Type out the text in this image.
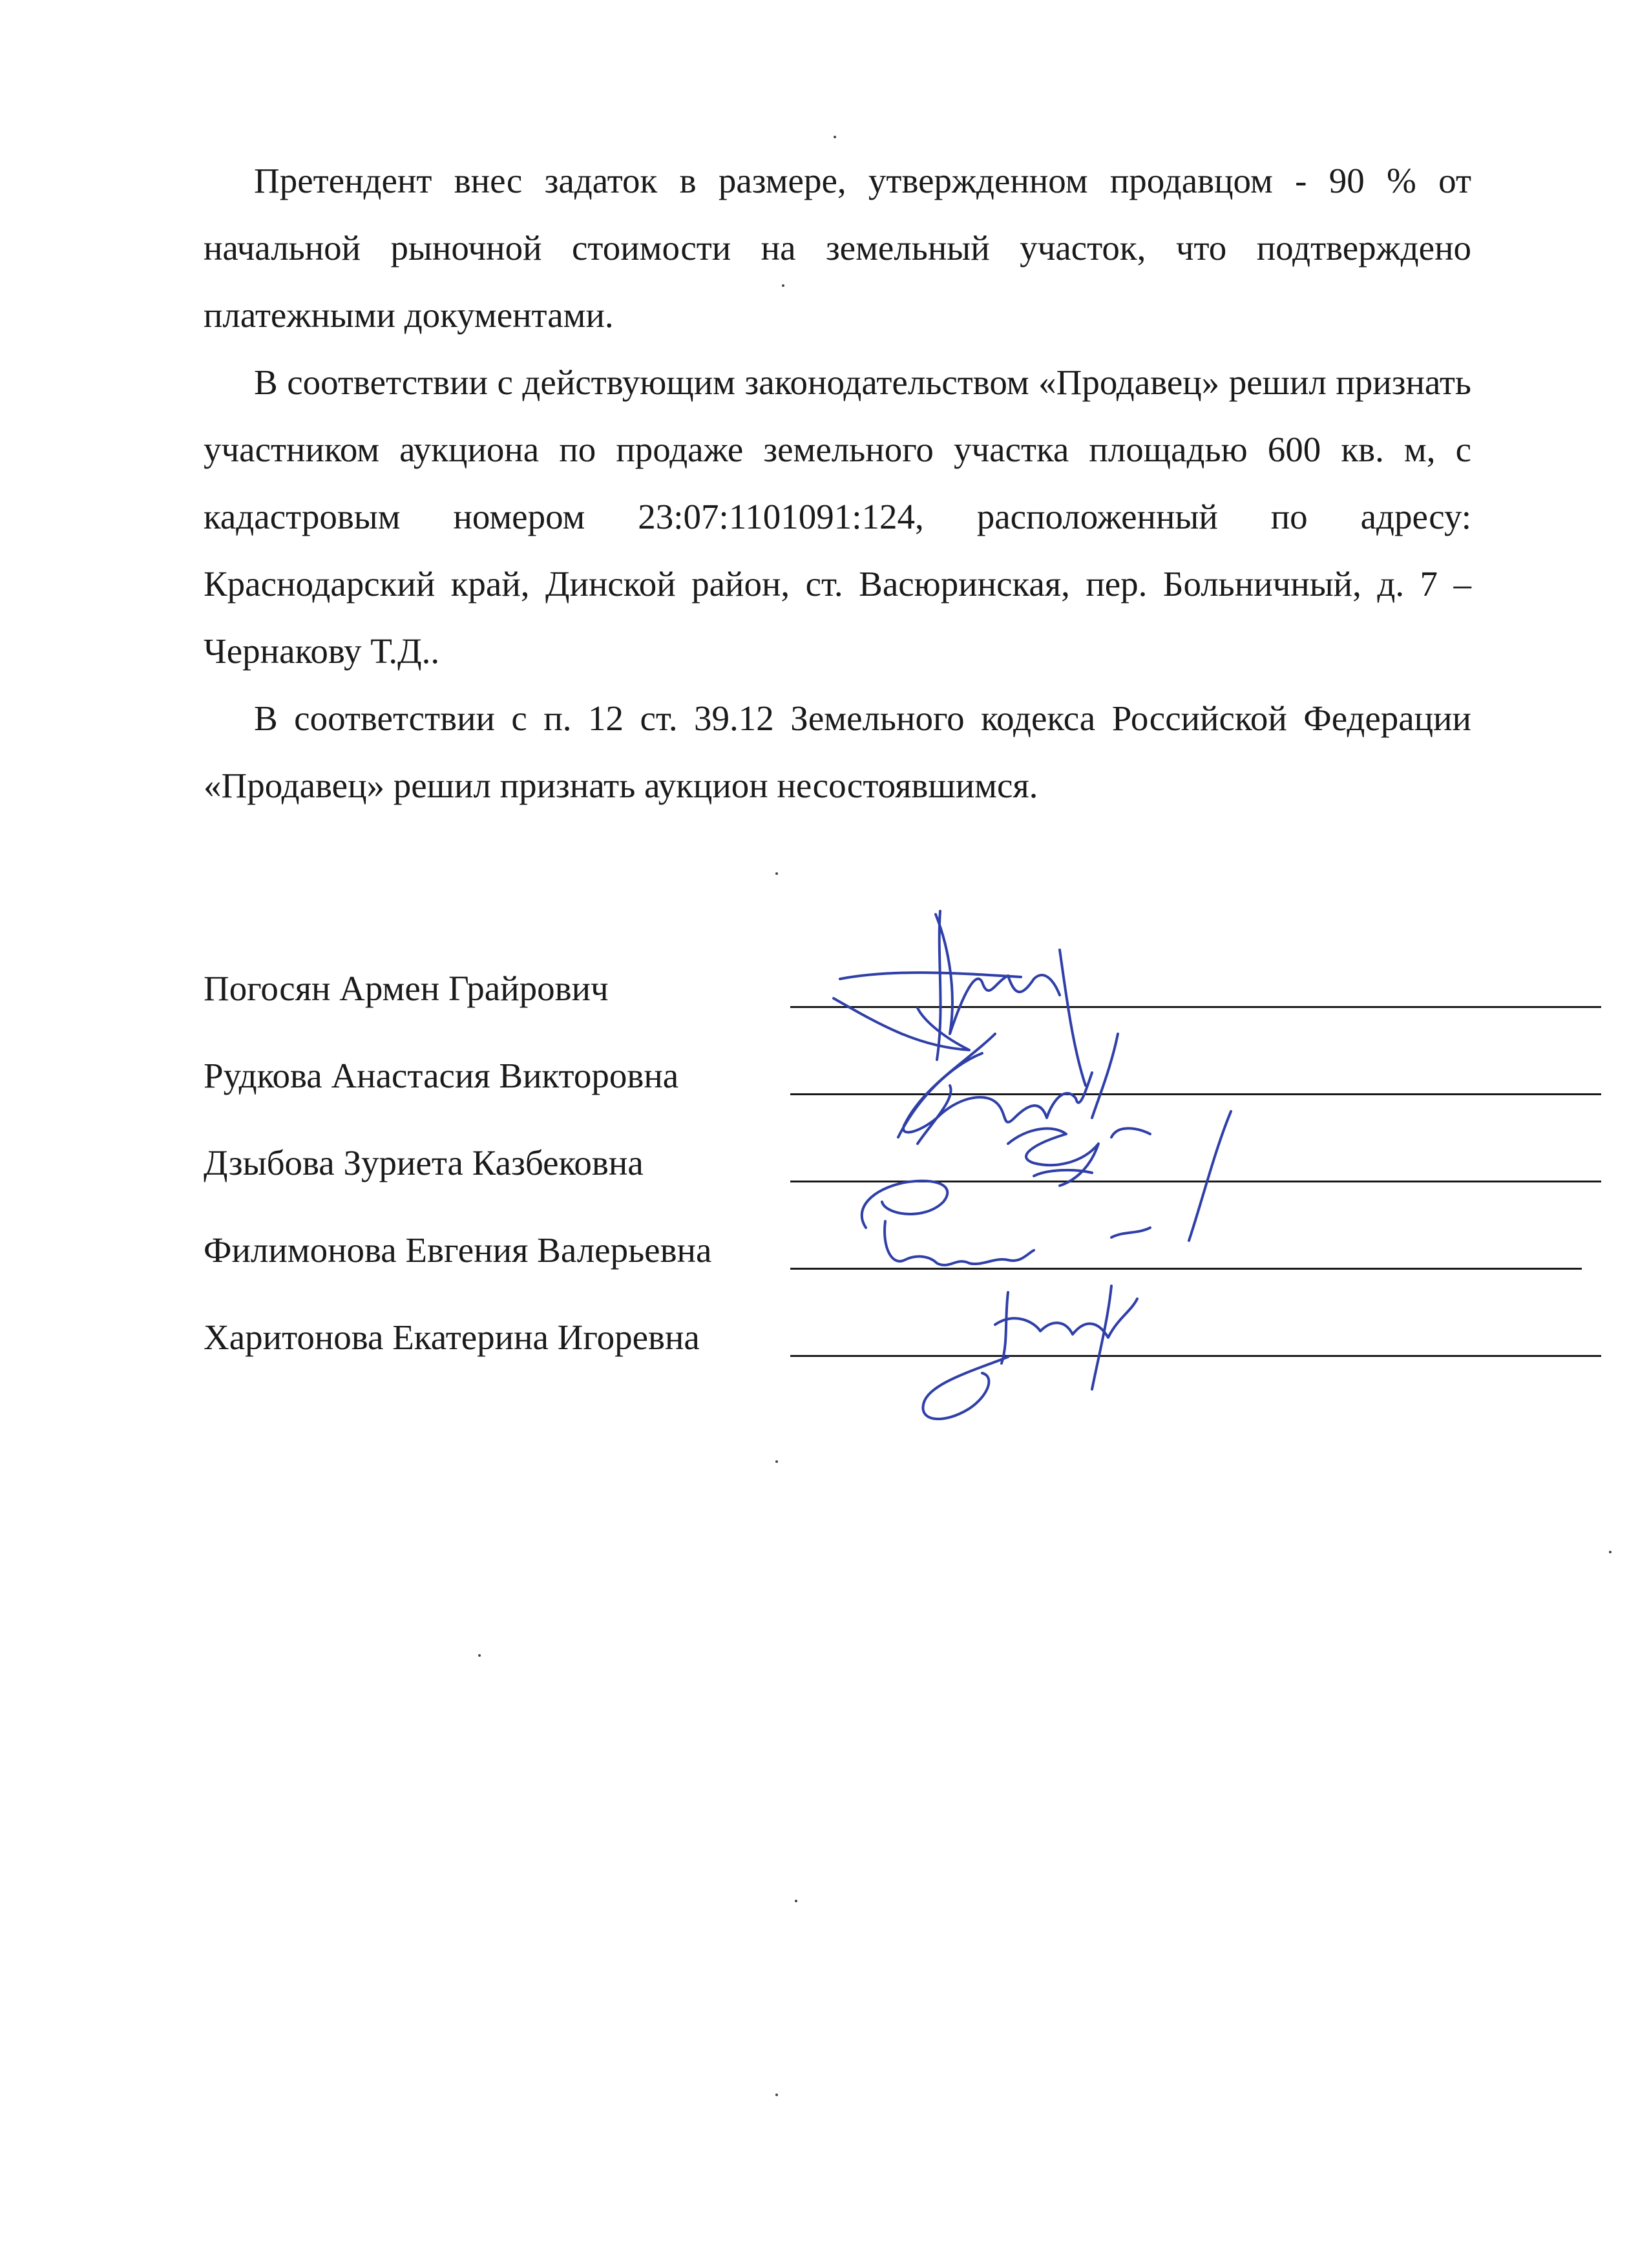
Претендент внес задаток в размере, утвержденном продавцом - 90 % от начальной рыночной стоимости на земельный участок, что подтверждено платежными документами.

В соответствии с действующим законодательством «Продавец» решил признать участником аукциона по продаже земельного участка площадью 600 кв. м, с кадастровым номером 23:07:1101091:124, расположенный по адресу: Краснодарский край, Динской район, ст. Васюринская, пер. Больничный, д. 7 – Чернакову Т.Д..

В соответствии с п. 12 ст. 39.12 Земельного кодекса Российской Федерации «Продавец» решил признать аукцион несостоявшимся.

Погосян Армен Грайрович
Рудкова Анастасия Викторовна
Дзыбова Зуриета Казбековна
Филимонова Евгения Валерьевна
Харитонова Екатерина Игоревна
